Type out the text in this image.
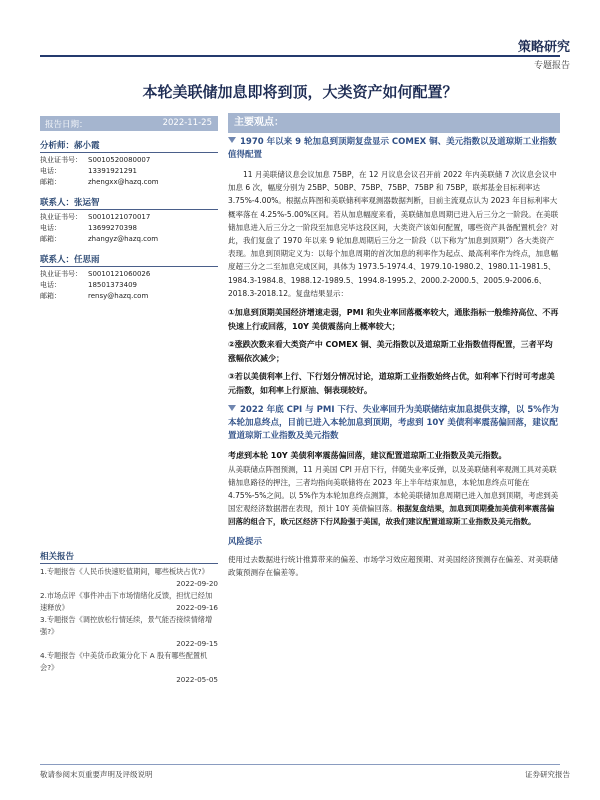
策略研究
专题报告
本轮美联储加息即将到顶，大类资产如何配置？
报告日期：	2022-11-25
分析师：郝小霞
执业证书号： S0010520080007
电话：	13391921291
邮箱：	zhengxx@hazq.com
联系人：张运智
执业证书号： S0010121070017
电话：	13699270398
邮箱：	zhangyz@hazq.com
联系人：任思雨
执业证书号： S0010121060026
电话：	18501373409
邮箱：	rensy@hazq.com
相关报告
1.专题报告《人民币快速贬值期间，哪些板块占优?》

2022-09-20

2.市场点评《事件冲击下市场情绪化反馈，担忧已经加速释放》	2022-09-16

3.专题报告《调控放松行情延续，景气能否接续情绪增强?》

2022-09-15

4.专题报告《中美货币政策分化下 A 股有哪些配置机会?》

2022-05-05
主要观点：
1970 年以来 9 轮加息到顶期复盘显示 COMEX 铜、美元指数以及道琼斯工业指数值得配置
11 月美联储议息会议加息 75BP，在 12 月议息会议召开前 2022 年内美联储 7 次议息会议中加息 6 次，幅度分别为 25BP、50BP、75BP、75BP、75BP 和 75BP，联邦基金目标利率达 3.75%-4.00%。根据点阵图和美联储利率观测器数据判断，目前主流观点认为 2023 年目标利率大概率落在 4.25%-5.00%区间。若从加息幅度来看，美联储加息周期已进入后三分之一阶段。在美联储加息进入后三分之一阶段至加息完毕这段区间，大类资产该如何配置，哪些资产具备配置机会？对此，我们复盘了 1970 年以来 9 轮加息周期后三分之一阶段（以下称为“加息到顶期”）各大类资产表现。加息到顶期定义为：以每个加息周期的首次加息的利率作为起点、最高利率作为终点，加息幅度超三分之二至加息完成区间，具体为 1973.5-1974.4、1979.10-1980.2、1980.11-1981.5、1984.3-1984.8、1988.12-1989.5、1994.8-1995.2、2000.2-2000.5、2005.9-2006.6、2018.3-2018.12。复盘结果显示：
①加息到顶期美国经济增速走弱，PMI 和失业率回落概率较大，通胀指标一般维持高位、不再快速上行或回落，10Y 美债震荡向上概率较大；
②涨跌次数来看大类资产中 COMEX 铜、美元指数以及道琼斯工业指数值得配置，三者平均涨幅依次减少；
③若以美债利率上行、下行划分情况讨论，道琼斯工业指数始终占优，如利率下行时可考虑美元指数，如利率上行原油、铜表现较好。
2022 年底 CPI 与 PMI 下行、失业率回升为美联储结束加息提供支撑，以 5%作为本轮加息终点，目前已进入本轮加息到顶期，考虑到 10Y 美债利率震荡偏回落，建议配置道琼斯工业指数及美元指数
考虑到本轮 10Y 美债利率震荡偏回落，建议配置道琼斯工业指数及美元指数。
从美联储点阵图预测，11 月美国 CPI 开启下行，伴随失业率反弹，以及美联储利率观测工具对美联储加息路径的押注，三者均指向美联储将在 2023 年上半年结束加息，本轮加息终点可能在 4.75%-5%之间。以 5%作为本轮加息终点测算，本轮美联储加息周期已进入加息到顶期，考虑到美国宏观经济数据潜在表现，预计 10Y 美债偏回落。根据复盘结果，加息到顶期叠加美债利率震荡偏回落的组合下，欧元区经济下行风险强于美国，故我们建议配置道琼斯工业指数及美元指数。
风险提示
使用过去数据进行统计推算带来的偏差、市场学习效应超预期、对美国经济预测存在偏差、对美联储政策预测存在偏差等。
敬请参阅末页重要声明及评级说明	证券研究报告
